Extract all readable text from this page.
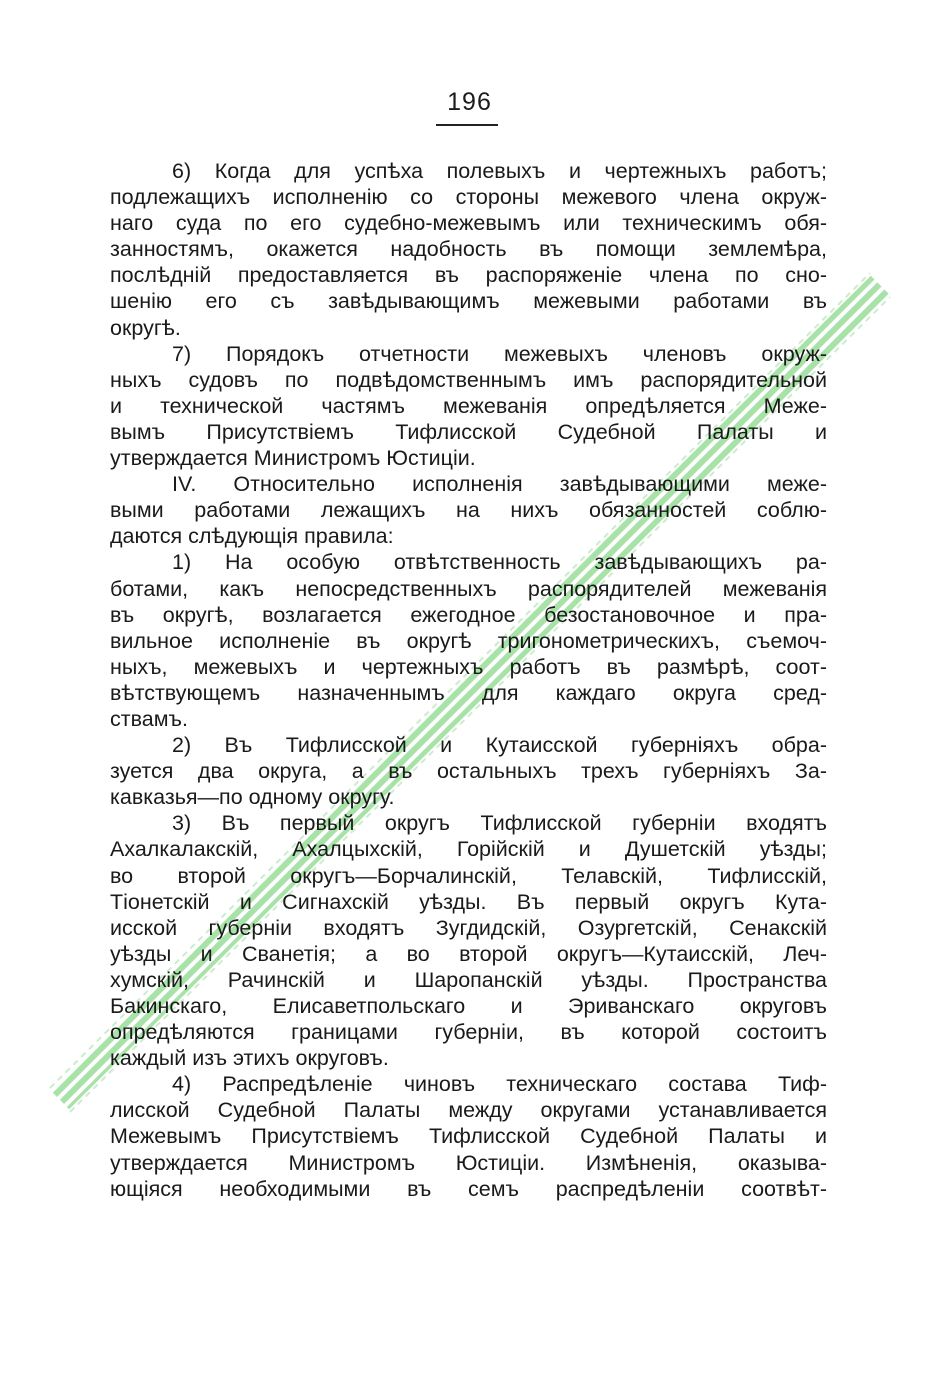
196
6) Когда для успѣха полевыхъ и чертежныхъ работъ;
подлежащихъ исполненію со стороны межевого члена окруж-
наго суда по его судебно-межевымъ или техническимъ обя-
занностямъ, окажется надобность въ помощи землемѣра,
послѣдній предоставляется въ распоряженіе члена по сно-
шенію его съ завѣдывающимъ межевыми работами въ
округѣ.
7) Порядокъ отчетности межевыхъ членовъ окруж-
ныхъ судовъ по подвѣдомственнымъ имъ распорядительной
и технической частямъ межеванія опредѣляется Меже-
вымъ Присутствіемъ Тифлисской Судебной Палаты и
утверждается Министромъ Юстиціи.
IV. Относительно исполненія завѣдывающими меже-
выми работами лежащихъ на нихъ обязанностей соблю-
даются слѣдующія правила:
1) На особую отвѣтственность завѣдывающихъ ра-
ботами, какъ непосредственныхъ распорядителей межеванія
въ округѣ, возлагается ежегодное безостановочное и пра-
вильное исполненіе въ округѣ тригонометрическихъ, съемоч-
ныхъ, межевыхъ и чертежныхъ работъ въ размѣрѣ, соот-
вѣтствующемъ назначеннымъ для каждаго округа сред-
ствамъ.
2) Въ Тифлисской и Кутаисской губерніяхъ обра-
зуется два округа, а въ остальныхъ трехъ губерніяхъ За-
кавказья—по одному округу.
3) Въ первый округъ Тифлисской губерніи входятъ
Ахалкалакскій, Ахалцыхскій, Горійскій и Душетскій уѣзды;
во второй округъ—Борчалинскій, Телавскій, Тифлисскій,
Тіонетскій и Сигнахскій уѣзды. Въ первый округъ Кута-
исской губерніи входятъ Зугдидскій, Озургетскій, Сенакскій
уѣзды и Сванетія; а во второй округъ—Кутаисскій, Леч-
хумскій, Рачинскій и Шаропанскій уѣзды. Пространства
Бакинскаго, Елисаветпольскаго и Эриванскаго округовъ
опредѣляются границами губерніи, въ которой состоитъ
каждый изъ этихъ округовъ.
4) Распредѣленіе чиновъ техническаго состава Тиф-
лисской Судебной Палаты между округами устанавливается
Межевымъ Присутствіемъ Тифлисской Судебной Палаты и
утверждается Министромъ Юстиціи. Измѣненія, оказыва-
ющіяся необходимыми въ семъ распредѣленіи соотвѣт-
